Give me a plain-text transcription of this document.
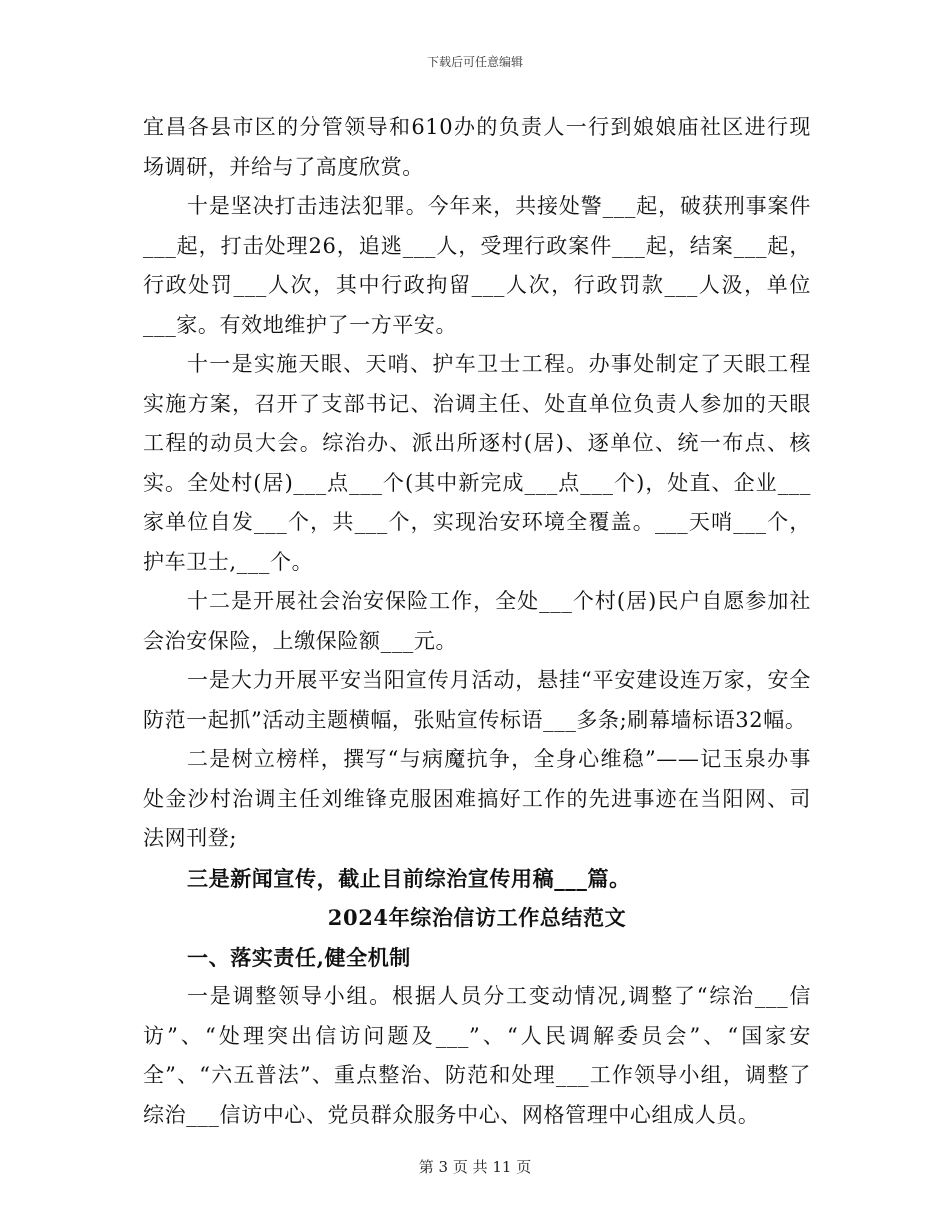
下载后可任意编辑

宜昌各县市区的分管领导和610办的负责人一行到娘娘庙社区进行现场调研，并给与了高度欣赏。

十是坚决打击违法犯罪。今年来，共接处警___起，破获刑事案件___起，打击处理26，追逃___人，受理行政案件___起，结案___起，行政处罚___人次，其中行政拘留___人次，行政罚款___人汲，单位___家。有效地维护了一方平安。

十一是实施天眼、天哨、护车卫士工程。办事处制定了天眼工程实施方案，召开了支部书记、治调主任、处直单位负责人参加的天眼工程的动员大会。综治办、派出所逐村(居)、逐单位、统一布点、核实。全处村(居)___点___个(其中新完成___点___个)，处直、企业___家单位自发___个，共___个，实现治安环境全覆盖。___天哨___个，护车卫士,___个。

十二是开展社会治安保险工作，全处___个村(居)民户自愿参加社会治安保险，上缴保险额___元。

一是大力开展平安当阳宣传月活动，悬挂“平安建设连万家，安全防范一起抓”活动主题横幅，张贴宣传标语___多条;刷幕墙标语32幅。

二是树立榜样，撰写“与病魔抗争，全身心维稳”——记玉泉办事处金沙村治调主任刘维锋克服困难搞好工作的先进事迹在当阳网、司法网刊登;

三是新闻宣传，截止目前综治宣传用稿___篇。

2024年综治信访工作总结范文

一、落实责任,健全机制

一是调整领导小组。根据人员分工变动情况,调整了“综治___信访”、“处理突出信访问题及___”、“人民调解委员会”、“国家安全”、“六五普法”、重点整治、防范和处理___工作领导小组，调整了综治___信访中心、党员群众服务中心、网格管理中心组成人员。

第 3 页 共 11 页
